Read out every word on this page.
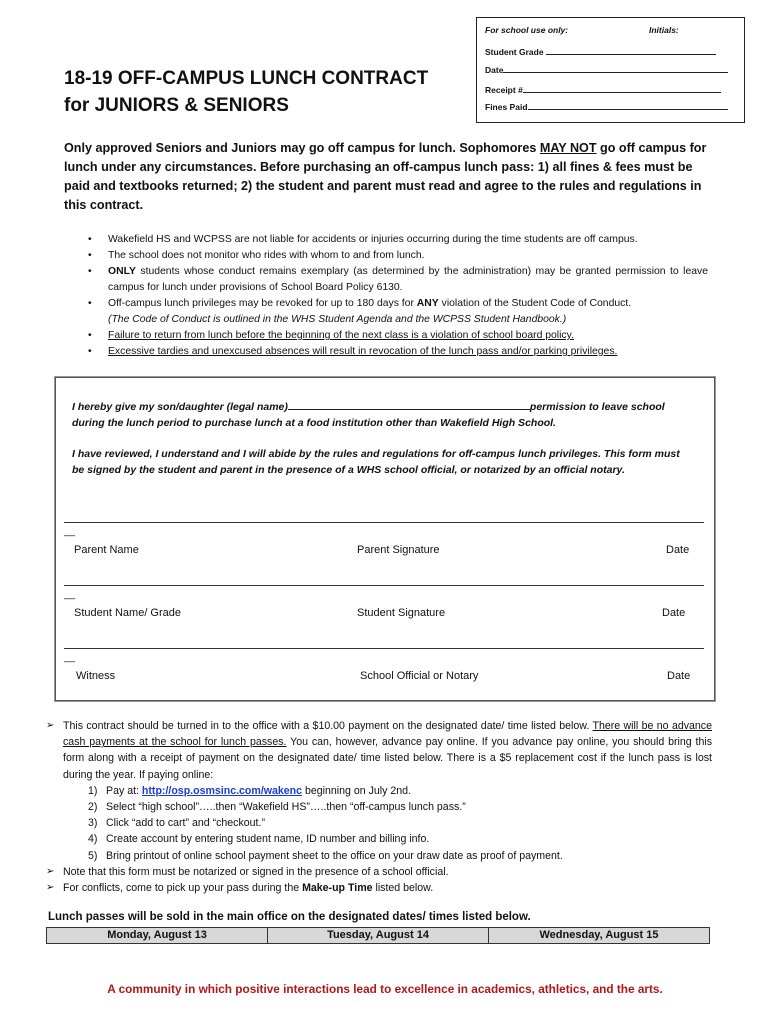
For school use only:	Initials:
Student Grade
Date
Receipt #
Fines Paid
18-19 OFF-CAMPUS LUNCH CONTRACT
for JUNIORS & SENIORS
Only approved Seniors and Juniors may go off campus for lunch. Sophomores MAY NOT go off campus for lunch under any circumstances. Before purchasing an off-campus lunch pass: 1) all fines & fees must be paid and textbooks returned; 2) the student and parent must read and agree to the rules and regulations in this contract.
• Wakefield HS and WCPSS are not liable for accidents or injuries occurring during the time students are off campus.
• The school does not monitor who rides with whom to and from lunch.
• ONLY students whose conduct remains exemplary (as determined by the administration) may be granted permission to leave campus for lunch under provisions of School Board Policy 6130.
• Off-campus lunch privileges may be revoked for up to 180 days for ANY violation of the Student Code of Conduct.
(The Code of Conduct is outlined in the WHS Student Agenda and the WCPSS Student Handbook.)
• Failure to return from lunch before the beginning of the next class is a violation of school board policy.
• Excessive tardies and unexcused absences will result in revocation of the lunch pass and/or parking privileges.
I hereby give my son/daughter (legal name)	permission to leave school
during the lunch period to purchase lunch at a food institution other than Wakefield High School.
I have reviewed, I understand and I will abide by the rules and regulations for off-campus lunch privileges. This form must
be signed by the student and parent in the presence of a WHS school official, or notarized by an official notary.
__
Parent Name	Parent Signature	Date
__
Student Name/ Grade	Student Signature	Date
__
Witness	School Official or Notary	Date
➢ This contract should be turned in to the office with a $10.00 payment on the designated date/ time listed below. There will be no advance cash payments at the school for lunch passes. You can, however, advance pay online. If you advance pay online, you should bring this form along with a receipt of payment on the designated date/ time listed below. There is a $5 replacement cost if the lunch pass is lost during the year. If paying online:
1) Pay at: http://osp.osmsinc.com/wakenc beginning on July 2nd.
2) Select “high school”…..then “Wakefield HS”…..then “off-campus lunch pass.”
3) Click “add to cart” and “checkout.”
4) Create account by entering student name, ID number and billing info.
5) Bring printout of online school payment sheet to the office on your draw date as proof of payment.
➢ Note that this form must be notarized or signed in the presence of a school official.
➢ For conflicts, come to pick up your pass during the Make-up Time listed below.
Lunch passes will be sold in the main office on the designated dates/ times listed below.
Monday, August 13	Tuesday, August 14	Wednesday, August 15
A community in which positive interactions lead to excellence in academics, athletics, and the arts.
